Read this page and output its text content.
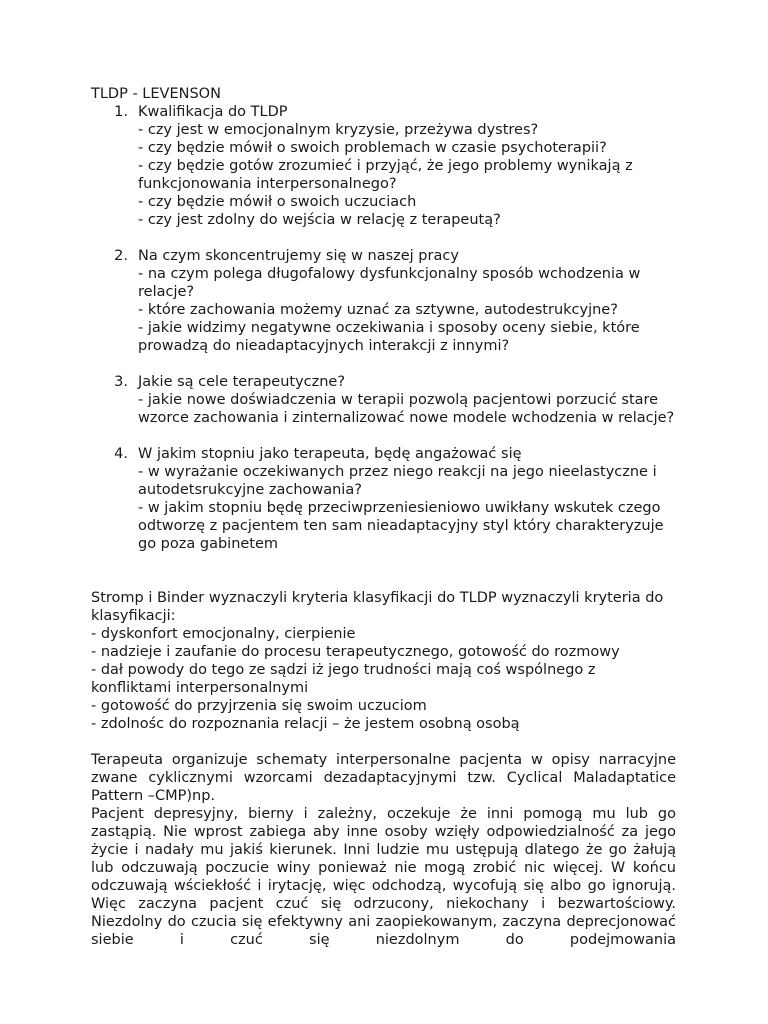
TLDP - LEVENSON

1. Kwalifikacja do TLDP

- czy jest w emocjonalnym kryzysie, przeżywa dystres?

- czy będzie mówił o swoich problemach w czasie psychoterapii?

- czy będzie gotów zrozumieć i przyjąć, że jego problemy wynikają z funkcjonowania interpersonalnego?

- czy będzie mówił o swoich uczuciach

- czy jest zdolny do wejścia w relację z terapeutą?

2. Na czym skoncentrujemy się w naszej pracy

- na czym polega długofalowy dysfunkcjonalny sposób wchodzenia w relacje?

- które zachowania możemy uznać za sztywne, autodestrukcyjne?

- jakie widzimy negatywne oczekiwania i sposoby oceny siebie, które prowadzą do nieadaptacyjnych interakcji z innymi?

3. Jakie są cele terapeutyczne?

- jakie nowe doświadczenia w terapii pozwolą pacjentowi porzucić stare wzorce zachowania i zinternalizować nowe modele wchodzenia w relacje?

4. W jakim stopniu jako terapeuta, będę angażować się

- w wyrażanie oczekiwanych przez niego reakcji na jego nieelastyczne i autodetsrukcyjne zachowania?

- w jakim stopniu będę przeciwprzeniesieniowo uwikłany wskutek czego odtworzę z pacjentem ten sam nieadaptacyjny styl który charakteryzuje go poza gabinetem

Stromp i Binder wyznaczyli kryteria klasyfikacji do TLDP wyznaczyli kryteria do klasyfikacji:

- dyskonfort emocjonalny, cierpienie

- nadzieje i zaufanie do procesu terapeutycznego, gotowość do rozmowy

- dał powody do tego ze sądzi iż jego trudności mają coś wspólnego z konfliktami interpersonalnymi

- gotowość do przyjrzenia się swoim uczuciom

- zdolnośc do rozpoznania relacji – że jestem osobną osobą

Terapeuta organizuje schematy interpersonalne pacjenta w opisy narracyjne zwane cyklicznymi wzorcami dezadaptacyjnymi tzw. Cyclical Maladaptatice Pattern –CMP)np.

Pacjent depresyjny, bierny i zależny, oczekuje że inni pomogą mu lub go zastąpią. Nie wprost zabiega aby inne osoby wzięły odpowiedzialność za jego życie i nadały mu jakiś kierunek. Inni ludzie mu ustępują dlatego że go żałują lub odczuwają poczucie winy ponieważ nie mogą zrobić nic więcej. W końcu odczuwają wściekłość i irytację, więc odchodzą, wycofują się albo go ignorują. Więc zaczyna pacjent czuć się odrzucony, niekochany i bezwartościowy. Niezdolny do czucia się efektywny ani zaopiekowanym, zaczyna deprecjonować siebie i czuć się niezdolnym do podejmowania
